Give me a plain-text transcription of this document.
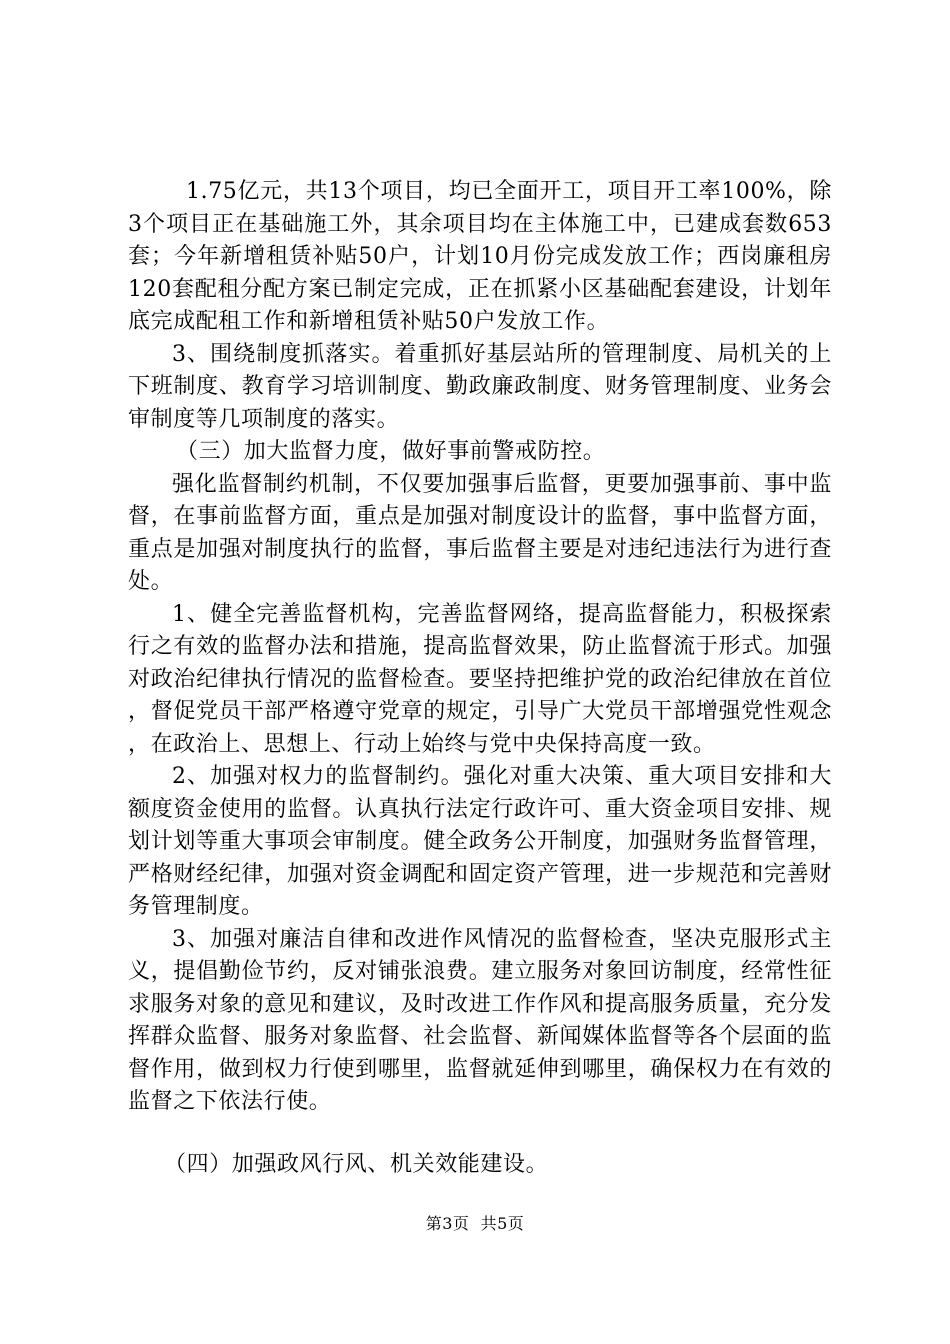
1.75亿元，共13个项目，均已全面开工，项目开工率100%，除3个项目正在基础施工外，其余项目均在主体施工中，已建成套数653套；今年新增租赁补贴50户，计划10月份完成发放工作；西岗廉租房120套配租分配方案已制定完成，正在抓紧小区基础配套建设，计划年底完成配租工作和新增租赁补贴50户发放工作。

3、围绕制度抓落实。着重抓好基层站所的管理制度、局机关的上下班制度、教育学习培训制度、勤政廉政制度、财务管理制度、业务会审制度等几项制度的落实。

（三）加大监督力度，做好事前警戒防控。

强化监督制约机制，不仅要加强事后监督，更要加强事前、事中监督，在事前监督方面，重点是加强对制度设计的监督，事中监督方面，重点是加强对制度执行的监督，事后监督主要是对违纪违法行为进行查处。

1、健全完善监督机构，完善监督网络，提高监督能力，积极探索行之有效的监督办法和措施，提高监督效果，防止监督流于形式。加强对政治纪律执行情况的监督检查。要坚持把维护党的政治纪律放在首位，督促党员干部严格遵守党章的规定，引导广大党员干部增强党性观念，在政治上、思想上、行动上始终与党中央保持高度一致。

2、加强对权力的监督制约。强化对重大决策、重大项目安排和大额度资金使用的监督。认真执行法定行政许可、重大资金项目安排、规划计划等重大事项会审制度。健全政务公开制度，加强财务监督管理，严格财经纪律，加强对资金调配和固定资产管理，进一步规范和完善财务管理制度。

3、加强对廉洁自律和改进作风情况的监督检查，坚决克服形式主义，提倡勤俭节约，反对铺张浪费。建立服务对象回访制度，经常性征求服务对象的意见和建议，及时改进工作作风和提高服务质量，充分发挥群众监督、服务对象监督、社会监督、新闻媒体监督等各个层面的监督作用，做到权力行使到哪里，监督就延伸到哪里，确保权力在有效的监督之下依法行使。

（四）加强政风行风、机关效能建设。

第3页  共5页
